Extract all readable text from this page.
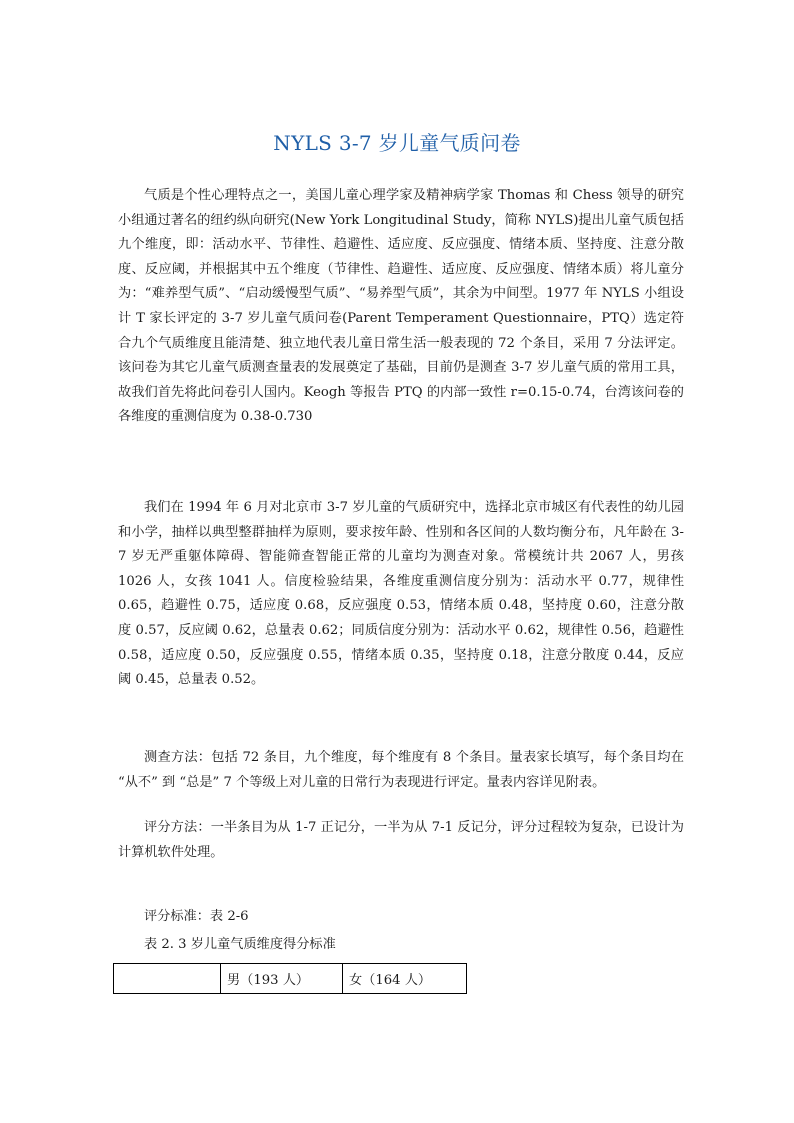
NYLS 3-7 岁儿童气质问卷

气质是个性心理特点之一，美国儿童心理学家及精神病学家 Thomas 和 Chess 领导的研究小组通过著名的纽约纵向研究(New York Longitudinal Study，简称 NYLS)提出儿童气质包括九个维度，即：活动水平、节律性、趋避性、适应度、反应强度、情绪本质、坚持度、注意分散度、反应阈，并根据其中五个维度（节律性、趋避性、适应度、反应强度、情绪本质）将儿童分为：“难养型气质”、“启动缓慢型气质”、“易养型气质”，其余为中间型。1977 年 NYLS 小组设计 T 家长评定的 3-7 岁儿童气质问卷(Parent Temperament Questionnaire，PTQ）选定符合九个气质维度且能清楚、独立地代表儿童日常生活一般表现的 72 个条目，采用 7 分法评定。该问卷为其它儿童气质测查量表的发展奠定了基础，目前仍是测查 3-7 岁儿童气质的常用工具，故我们首先将此问卷引人国内。Keogh 等报告 PTQ 的内部一致性 r=0.15-0.74，台湾该问卷的各维度的重测信度为 0.38-0.730

我们在 1994 年 6 月对北京市 3-7 岁儿童的气质研究中，选择北京市城区有代表性的幼儿园和小学，抽样以典型整群抽样为原则，要求按年龄、性别和各区间的人数均衡分布，凡年龄在 3-7 岁无严重躯体障碍、智能筛查智能正常的儿童均为测查对象。常模统计共 2067 人，男孩 1026 人，女孩 1041 人。信度检验结果，各维度重测信度分别为：活动水平 0.77，规律性 0.65，趋避性 0.75，适应度 0.68，反应强度 0.53，情绪本质 0.48，坚持度 0.60，注意分散度 0.57，反应阈 0.62，总量表 0.62；同质信度分别为：活动水平 0.62，规律性 0.56，趋避性 0.58，适应度 0.50，反应强度 0.55，情绪本质 0.35，坚持度 0.18，注意分散度 0.44，反应阈 0.45，总量表 0.52。

测查方法：包括 72 条目，九个维度，每个维度有 8 个条目。量表家长填写，每个条目均在 “从不” 到 “总是” 7 个等级上对儿童的日常行为表现进行评定。量表内容详见附表。

评分方法：一半条目为从 1-7 正记分，一半为从 7-1 反记分，评分过程较为复杂，已设计为计算机软件处理。

评分标准：表 2-6
表 2. 3 岁儿童气质维度得分标准
	男（193 人）	女（164 人）
